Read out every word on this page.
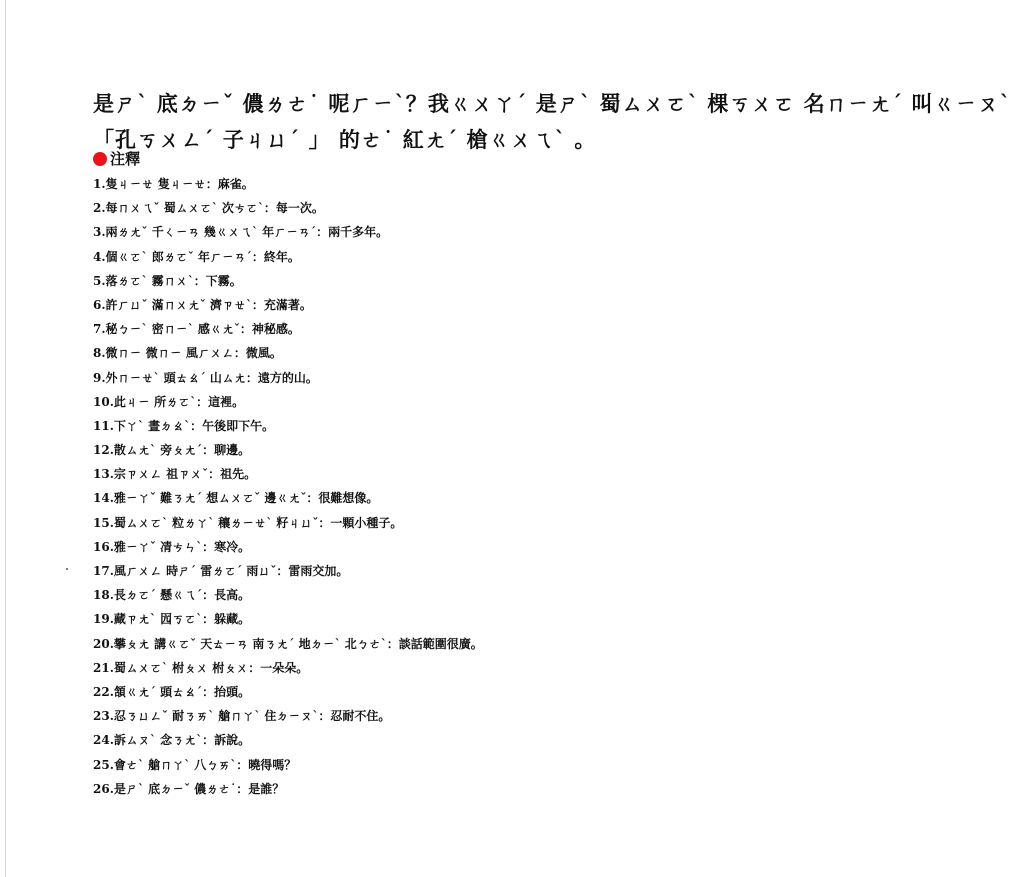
是ㄕˋ 底ㄉㄧˇ 儂ㄌㄜ˙ 呢ㄏㄧˋ？我ㄍㄨㄚˊ 是ㄕˋ 蜀ㄙㄨㄛˋ 棵ㄎㄨㄛ 名ㄇㄧㄤˊ 叫ㄍㄧㄡˋ
「孔ㄎㄨㄥˊ 子ㄐㄩˊ 」 的ㄜ˙ 紅ㄤˊ 槍ㄍㄨㄟˋ 。
注釋
1.隻ㄐㄧㄝ 隻ㄐㄧㄝ：麻雀。
2.每ㄇㄨㄟˇ 蜀ㄙㄨㄛˋ 次ㄘㄛˋ：每一次。
3.兩ㄌㄤˇ 千ㄑㄧㄢ 幾ㄍㄨㄟˋ 年ㄏㄧㄢˊ：兩千多年。
4.個ㄍㄛˋ 郎ㄌㄛˇ 年ㄏㄧㄢˊ：終年。
5.落ㄌㄛˋ 霧ㄇㄨˋ：下霧。
6.許ㄏㄩˇ 滿ㄇㄨㄤˇ 濟ㄗㄝˋ：充滿著。
7.秘ㄅㄧˋ 密ㄇㄧˋ 感ㄍㄤˇ：神秘感。
8.微ㄇㄧ 微ㄇㄧ 風ㄏㄨㄥ：微風。
9.外ㄇㄧㄝˋ 頭ㄊㄠˊ 山ㄙㄤ：遠方的山。
10.此ㄐㄧ 所ㄌㄛˋ：這裡。
11.下ㄚˋ 晝ㄉㄠˋ：午後即下午。
12.散ㄙㄤˋ 旁ㄆㄤˊ：聊邊。
13.宗ㄗㄨㄥ 祖ㄗㄨˇ：祖先。
14.雅ㄧㄚˇ 難ㄋㄤˊ 想ㄙㄨㄛˇ 邊ㄍㄤˇ：很難想像。
15.蜀ㄙㄨㄛˋ 粒ㄌㄚˋ 穰ㄌㄧㄝˋ 籽ㄐㄩˇ：一顆小種子。
16.雅ㄧㄚˇ 凊ㄘㄣˋ：寒冷。
17.風ㄏㄨㄥ 時ㄕˊ 雷ㄌㄛˊ 雨ㄩˇ：雷雨交加。
18.長ㄉㄛˊ 懸ㄍㄟˊ：長高。
19.藏ㄗㄤˋ 囥ㄎㄛˋ：躲藏。
20.攀ㄆㄤ 講ㄍㄛˇ 天ㄊㄧㄢ 南ㄋㄤˊ 地ㄉㄧˋ 北ㄅㄜˋ：談話範圍很廣。
21.蜀ㄙㄨㄛˋ 柎ㄆㄨ 柎ㄆㄨ：一朵朵。
22.頷ㄍㄤˊ 頭ㄊㄠˊ：抬頭。
23.忍ㄋㄩㄥˇ 耐ㄋㄞˋ 艙ㄇㄚˋ 住ㄉㄧㄡˋ：忍耐不住。
24.訴ㄙㄡˋ 念ㄋㄤˋ：訴說。
25.會ㄜˋ 艙ㄇㄚˋ 八ㄅㄞˋ：曉得嗎？
26.是ㄕˋ 底ㄉㄧˇ 儂ㄌㄜ˙：是誰？
